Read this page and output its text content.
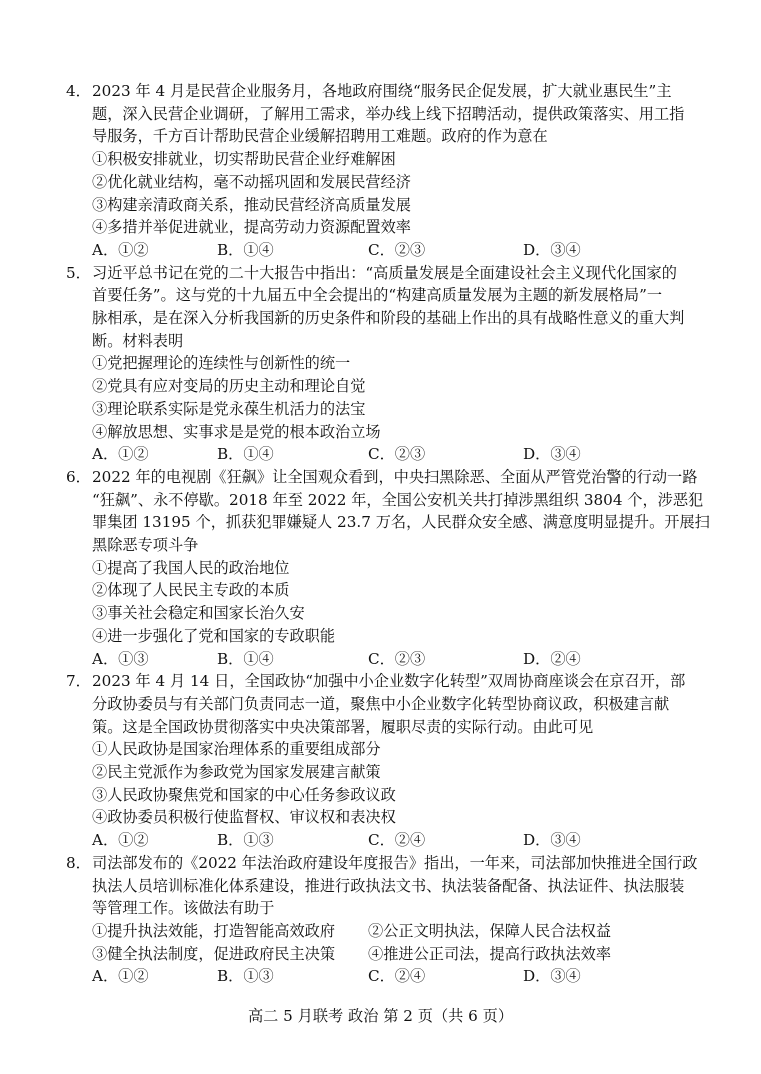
4． 2023 年 4 月是民营企业服务月，各地政府围绕“服务民企促发展，扩大就业惠民生”主
题，深入民营企业调研，了解用工需求，举办线上线下招聘活动，提供政策落实、用工指
导服务，千方百计帮助民营企业缓解招聘用工难题。政府的作为意在
①积极安排就业，切实帮助民营企业纾难解困
②优化就业结构，毫不动摇巩固和发展民营经济
③构建亲清政商关系，推动民营经济高质量发展
④多措并举促进就业，提高劳动力资源配置效率
A．①②	B．①④	C．②③	D．③④
5． 习近平总书记在党的二十大报告中指出：“高质量发展是全面建设社会主义现代化国家的
首要任务”。这与党的十九届五中全会提出的“构建高质量发展为主题的新发展格局”一
脉相承，是在深入分析我国新的历史条件和阶段的基础上作出的具有战略性意义的重大判
断。材料表明
①党把握理论的连续性与创新性的统一
②党具有应对变局的历史主动和理论自觉
③理论联系实际是党永葆生机活力的法宝
④解放思想、实事求是是党的根本政治立场
A．①②	B．①④	C．②③	D．③④
6． 2022 年的电视剧《狂飙》让全国观众看到，中央扫黑除恶、全面从严管党治警的行动一路
“狂飙”、永不停歇。2018 年至 2022 年，全国公安机关共打掉涉黑组织 3804 个，涉恶犯
罪集团 13195 个，抓获犯罪嫌疑人 23.7 万名，人民群众安全感、满意度明显提升。开展扫
黑除恶专项斗争
①提高了我国人民的政治地位
②体现了人民民主专政的本质
③事关社会稳定和国家长治久安
④进一步强化了党和国家的专政职能
A．①③	B．①④	C．②③	D．②④
7． 2023 年 4 月 14 日，全国政协“加强中小企业数字化转型”双周协商座谈会在京召开，部
分政协委员与有关部门负责同志一道，聚焦中小企业数字化转型协商议政，积极建言献
策。这是全国政协贯彻落实中央决策部署，履职尽责的实际行动。由此可见
①人民政协是国家治理体系的重要组成部分
②民主党派作为参政党为国家发展建言献策
③人民政协聚焦党和国家的中心任务参政议政
④政协委员积极行使监督权、审议权和表决权
A．①②	B．①③	C．②④	D．③④
8． 司法部发布的《2022 年法治政府建设年度报告》指出，一年来，司法部加快推进全国行政
执法人员培训标准化体系建设，推进行政执法文书、执法装备配备、执法证件、执法服装
等管理工作。该做法有助于
①提升执法效能，打造智能高效政府 ②公正文明执法，保障人民合法权益
③健全执法制度，促进政府民主决策 ④推进公正司法，提高行政执法效率
A．①②	B．①③	C．②④	D．③④
高二 5 月联考 政治 第 2 页（共 6 页）
